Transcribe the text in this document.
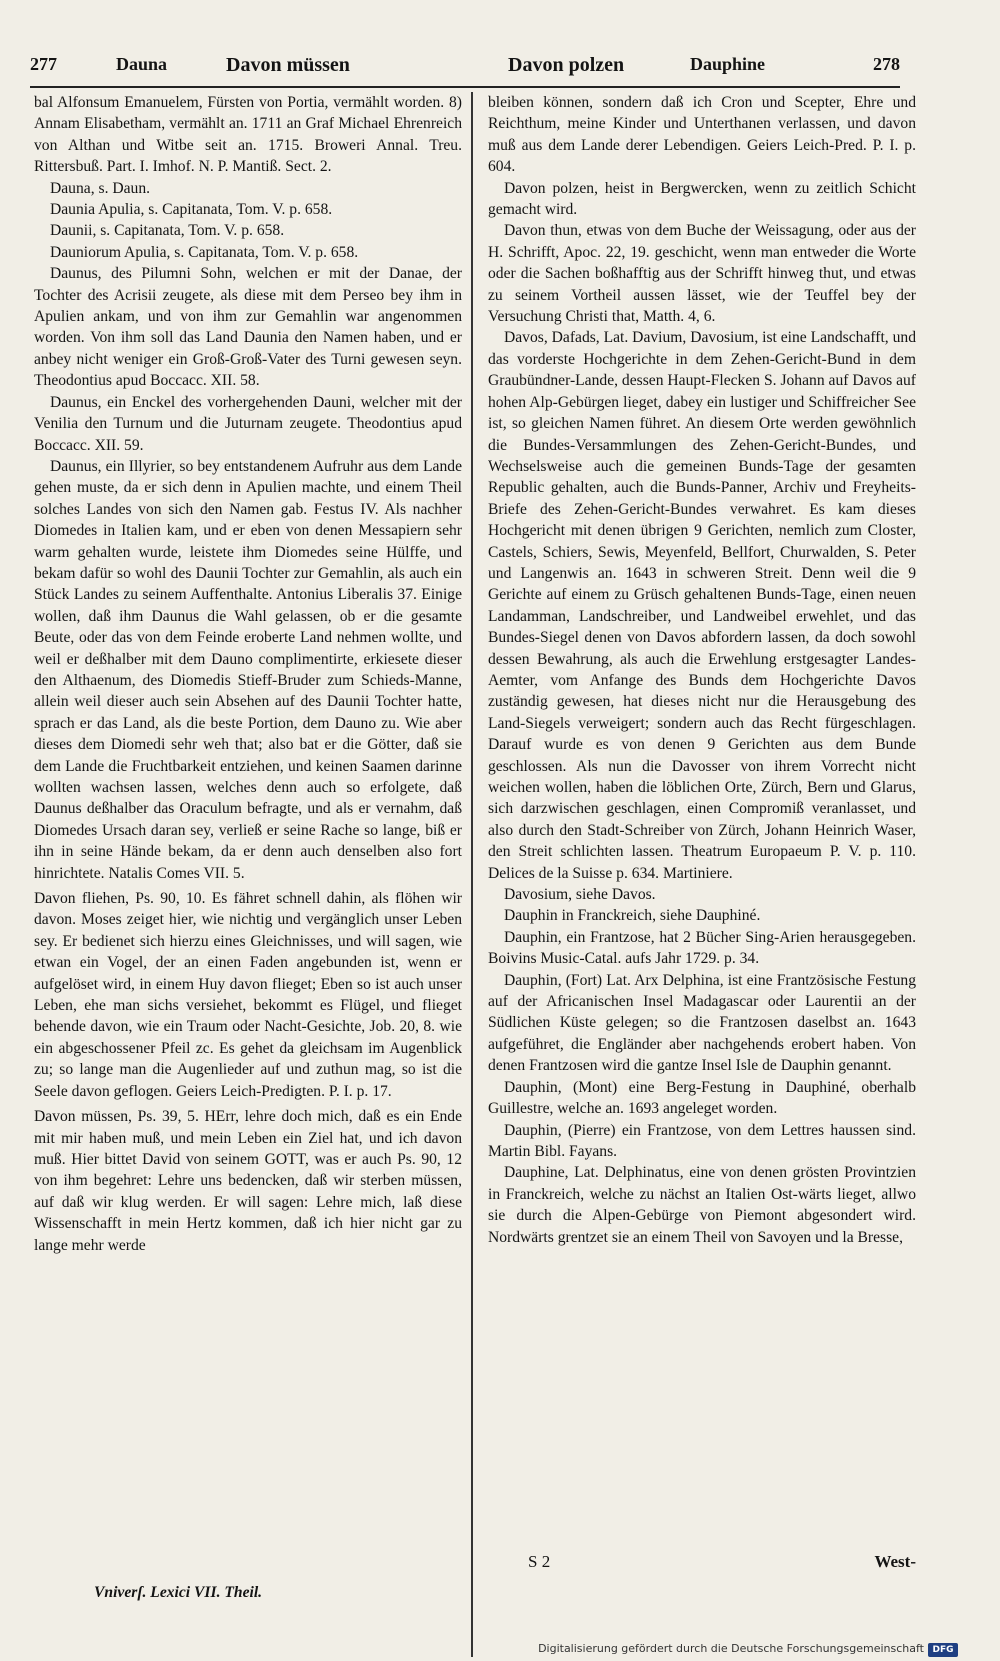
277	Dauna	Davon müssen	Davon polzen	Dauphine	278

bal Alfonsum Emanuelem, Fürsten von Portia, vermählt worden. 8) Annam Elisabetham, vermählt an. 1711 an Graf Michael Ehrenreich von Althan und Witbe seit an. 1715. Broweri Annal. Treu. Rittersbuß. Part. I. Imhof. N. P. Mantiß. Sect. 2.

Dauna, s. Daun.

Daunia Apulia, s. Capitanata, Tom. V. p. 658.

Daunii, s. Capitanata, Tom. V. p. 658.

Dauniorum Apulia, s. Capitanata, Tom. V. p. 658.

Daunus, des Pilumni Sohn, welchen er mit der Danae, der Tochter des Acrisii zeugete, als diese mit dem Perseo bey ihm in Apulien ankam, und von ihm zur Gemahlin war angenommen worden. Von ihm soll das Land Daunia den Namen haben, und er anbey nicht weniger ein Groß-Groß-Vater des Turni gewesen seyn. Theodontius apud Boccacc. XII. 58.

Daunus, ein Enckel des vorhergehenden Dauni, welcher mit der Venilia den Turnum und die Juturnam zeugete. Theodontius apud Boccacc. XII. 59.

Daunus, ein Illyrier, so bey entstandenem Aufruhr aus dem Lande gehen muste, da er sich denn in Apulien machte, und einem Theil solches Landes von sich den Namen gab. Festus IV. Als nachher Diomedes in Italien kam, und er eben von denen Messapiern sehr warm gehalten wurde, leistete ihm Diomedes seine Hülffe, und bekam dafür so wohl des Daunii Tochter zur Gemahlin, als auch ein Stück Landes zu seinem Auffenthalte. Antonius Liberalis 37. Einige wollen, daß ihm Daunus die Wahl gelassen, ob er die gesamte Beute, oder das von dem Feinde eroberte Land nehmen wollte, und weil er deßhalber mit dem Dauno complimentirte, erkiesete dieser den Althaenum, des Diomedis Stieff-Bruder zum Schieds-Manne, allein weil dieser auch sein Absehen auf des Daunii Tochter hatte, sprach er das Land, als die beste Portion, dem Dauno zu. Wie aber dieses dem Diomedi sehr weh that; also bat er die Götter, daß sie dem Lande die Fruchtbarkeit entziehen, und keinen Saamen darinne wollten wachsen lassen, welches denn auch so erfolgete, daß Daunus deßhalber das Oraculum befragte, und als er vernahm, daß Diomedes Ursach daran sey, verließ er seine Rache so lange, biß er ihn in seine Hände bekam, da er denn auch denselben also fort hinrichtete. Natalis Comes VII. 5.

Davon fliehen, Ps. 90, 10. Es fähret schnell dahin, als flöhen wir davon. Moses zeiget hier, wie nichtig und vergänglich unser Leben sey. Er bedienet sich hierzu eines Gleichnisses, und will sagen, wie etwan ein Vogel, der an einen Faden angebunden ist, wenn er aufgelöset wird, in einem Huy davon flieget; Eben so ist auch unser Leben, ehe man sichs versiehet, bekommt es Flügel, und flieget behende davon, wie ein Traum oder Nacht-Gesichte, Job. 20, 8. wie ein abgeschossener Pfeil zc. Es gehet da gleichsam im Augenblick zu; so lange man die Augenlieder auf und zuthun mag, so ist die Seele davon geflogen. Geiers Leich-Predigten. P. I. p. 17.

Davon müssen, Ps. 39, 5. HErr, lehre doch mich, daß es ein Ende mit mir haben muß, und mein Leben ein Ziel hat, und ich davon muß. Hier bittet David von seinem GOTT, was er auch Ps. 90, 12 von ihm begehret: Lehre uns bedencken, daß wir sterben müssen, auf daß wir klug werden. Er will sagen: Lehre mich, laß diese Wissenschafft in mein Hertz kommen, daß ich hier nicht gar zu lange mehr werde

bleiben können, sondern daß ich Cron und Scepter, Ehre und Reichthum, meine Kinder und Unterthanen verlassen, und davon muß aus dem Lande derer Lebendigen. Geiers Leich-Pred. P. I. p. 604.

Davon polzen, heist in Bergwercken, wenn zu zeitlich Schicht gemacht wird.

Davon thun, etwas von dem Buche der Weissagung, oder aus der H. Schrifft, Apoc. 22, 19. geschicht, wenn man entweder die Worte oder die Sachen boßhafftig aus der Schrifft hinweg thut, und etwas zu seinem Vortheil aussen lässet, wie der Teuffel bey der Versuchung Christi that, Matth. 4, 6.

Davos, Dafads, Lat. Davium, Davosium, ist eine Landschafft, und das vorderste Hochgerichte in dem Zehen-Gericht-Bund in dem Graubündner-Lande, dessen Haupt-Flecken S. Johann auf Davos auf hohen Alp-Gebürgen lieget, dabey ein lustiger und Schiffreicher See ist, so gleichen Namen führet. An diesem Orte werden gewöhnlich die Bundes-Versammlungen des Zehen-Gericht-Bundes, und Wechselsweise auch die gemeinen Bunds-Tage der gesamten Republic gehalten, auch die Bunds-Panner, Archiv und Freyheits-Briefe des Zehen-Gericht-Bundes verwahret. Es kam dieses Hochgericht mit denen übrigen 9 Gerichten, nemlich zum Closter, Castels, Schiers, Sewis, Meyenfeld, Bellfort, Churwalden, S. Peter und Langenwis an. 1643 in schweren Streit. Denn weil die 9 Gerichte auf einem zu Grüsch gehaltenen Bunds-Tage, einen neuen Landamman, Landschreiber, und Landweibel erwehlet, und das Bundes-Siegel denen von Davos abfordern lassen, da doch sowohl dessen Bewahrung, als auch die Erwehlung erstgesagter Landes-Aemter, vom Anfange des Bunds dem Hochgerichte Davos zuständig gewesen, hat dieses nicht nur die Herausgebung des Land-Siegels verweigert; sondern auch das Recht fürgeschlagen. Darauf wurde es von denen 9 Gerichten aus dem Bunde geschlossen. Als nun die Davosser von ihrem Vorrecht nicht weichen wollen, haben die löblichen Orte, Zürch, Bern und Glarus, sich darzwischen geschlagen, einen Compromiß veranlasset, und also durch den Stadt-Schreiber von Zürch, Johann Heinrich Waser, den Streit schlichten lassen. Theatrum Europaeum P. V. p. 110. Delices de la Suisse p. 634. Martiniere.

Davosium, siehe Davos.

Dauphin in Franckreich, siehe Dauphiné.

Dauphin, ein Frantzose, hat 2 Bücher Sing-Arien herausgegeben. Boivins Music-Catal. aufs Jahr 1729. p. 34.

Dauphin, (Fort) Lat. Arx Delphina, ist eine Frantzösische Festung auf der Africanischen Insel Madagascar oder Laurentii an der Südlichen Küste gelegen; so die Frantzosen daselbst an. 1643 aufgeführet, die Engländer aber nachgehends erobert haben. Von denen Frantzosen wird die gantze Insel Isle de Dauphin genannt.

Dauphin, (Mont) eine Berg-Festung in Dauphiné, oberhalb Guillestre, welche an. 1693 angeleget worden.

Dauphin, (Pierre) ein Frantzose, von dem Lettres haussen sind. Martin Bibl. Fayans.

Dauphine, Lat. Delphinatus, eine von denen grösten Provintzien in Franckreich, welche zu nächst an Italien Ost-wärts lieget, allwo sie durch die Alpen-Gebürge von Piemont abgesondert wird. Nordwärts grentzet sie an einem Theil von Savoyen und la Bresse,

Vniverſ. Lexici VII. Theil.
S 2	West-
Digitalisierung gefördert durch die Deutsche Forschungsgemeinschaft DFG
